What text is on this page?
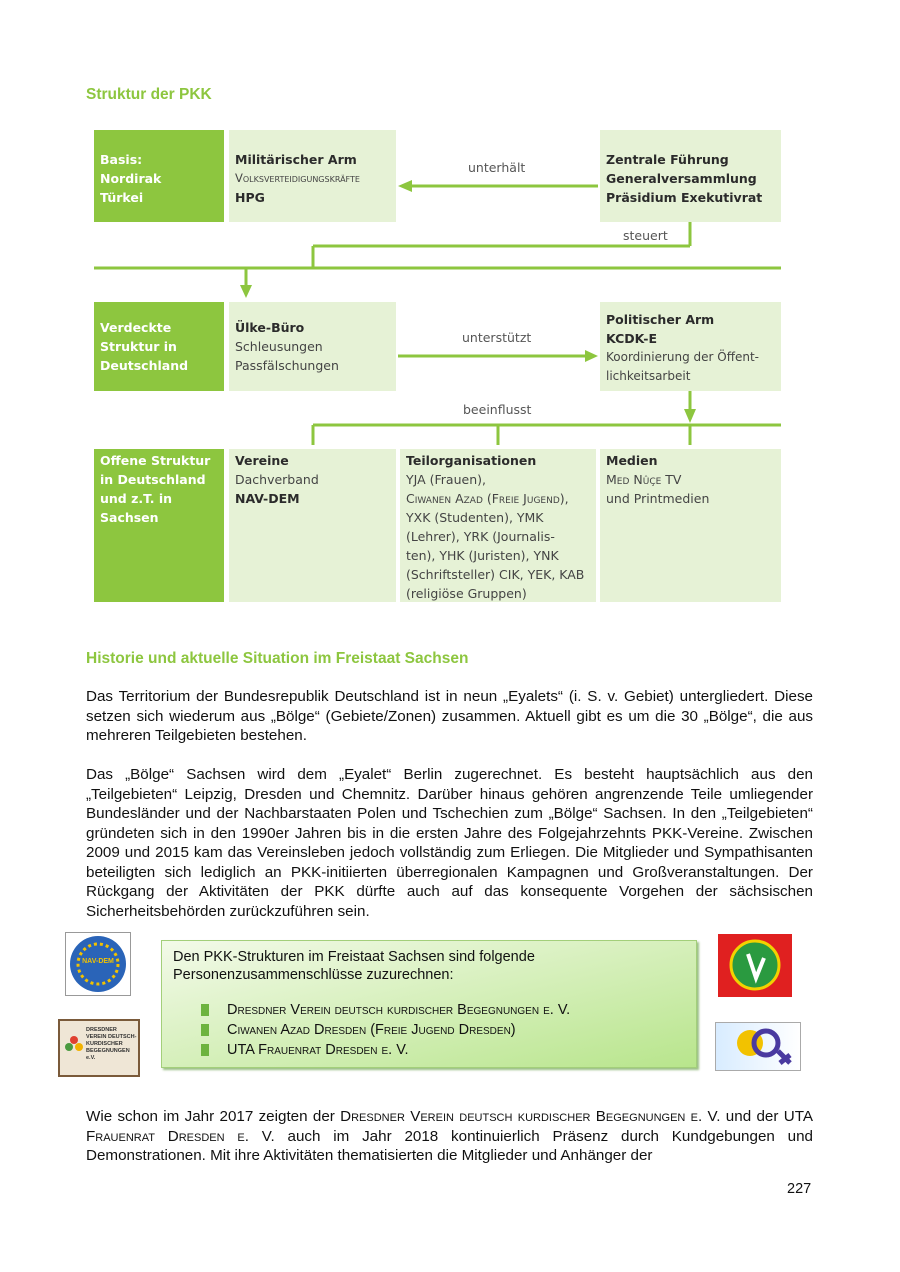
Struktur der PKK
Basis:
Nordirak
Türkei
Militärischer Arm
Volksverteidigungskräfte
HPG
Zentrale Führung
Generalversammlung
Präsidium Exekutivrat
unterhält
Verdeckte
Struktur in
Deutschland
Ülke-Büro
Schleusungen
Passfälschungen
Politischer Arm
KCDK-E
Koordinierung der Öffent-
lichkeitsarbeit
unterstützt
beeinflusst
Offene Struktur
in Deutschland
und z.T. in
Sachsen
Vereine
Dachverband
NAV-DEM
Teilorganisationen
YJA (Frauen),
Ciwanen Azad (Freie Jugend),
YXK (Studenten), YMK
(Lehrer), YRK (Journalis-
ten), YHK (Juristen), YNK
(Schriftsteller) CIK, YEK, KAB
(religiöse Gruppen)
Medien
Med Nûçe TV
und Printmedien
steuert
Historie und aktuelle Situation im Freistaat Sachsen

Das Territorium der Bundesrepublik Deutschland ist in neun „Eyalets“ (i. S. v. Gebiet) untergliedert. Diese setzen sich wiederum aus „Bölge“ (Gebiete/Zonen) zusammen. Aktuell gibt es um die 30 „Bölge“, die aus mehreren Teilgebieten bestehen.

Das „Bölge“ Sachsen wird dem „Eyalet“ Berlin zugerechnet. Es besteht hauptsächlich aus den „Teilgebieten“ Leipzig, Dresden und Chemnitz. Darüber hinaus gehören angrenzende Teile umliegender Bundesländer und der Nachbarstaaten Polen und Tschechien zum „Bölge“ Sachsen. In den „Teilgebieten“ gründeten sich in den 1990er Jahren bis in die ersten Jahre des Folgejahrzehnts PKK-Vereine. Zwischen 2009 und 2015 kam das Vereinsleben jedoch vollständig zum Erliegen. Die Mitglieder und Sympathisanten beteiligten sich lediglich an PKK-initiierten überregionalen Kampagnen und Großveranstaltungen. Der Rückgang der Aktivitäten der PKK dürfte auch auf das konsequente Vorgehen der sächsischen Sicherheitsbehörden zurückzuführen sein.

NAV-DEM
DRESDNER VEREIN DEUTSCH-KURDISCHER BEGEGNUNGEN e.V.
Den PKK-Strukturen im Freistaat Sachsen sind folgende Personenzusammenschlüsse zuzurechnen:
Dresdner Verein deutsch kurdischer Begegnungen e. V.
Ciwanen Azad Dresden (Freie Jugend Dresden)
UTA Frauenrat Dresden e. V.

Wie schon im Jahr 2017 zeigten der Dresdner Verein deutsch kurdischer Begegnungen e. V. und der UTA Frauenrat Dresden e. V. auch im Jahr 2018 kontinuierlich Präsenz durch Kundgebungen und Demonstrationen. Mit ihre Aktivitäten thematisierten die Mitglieder und Anhänger der

227
